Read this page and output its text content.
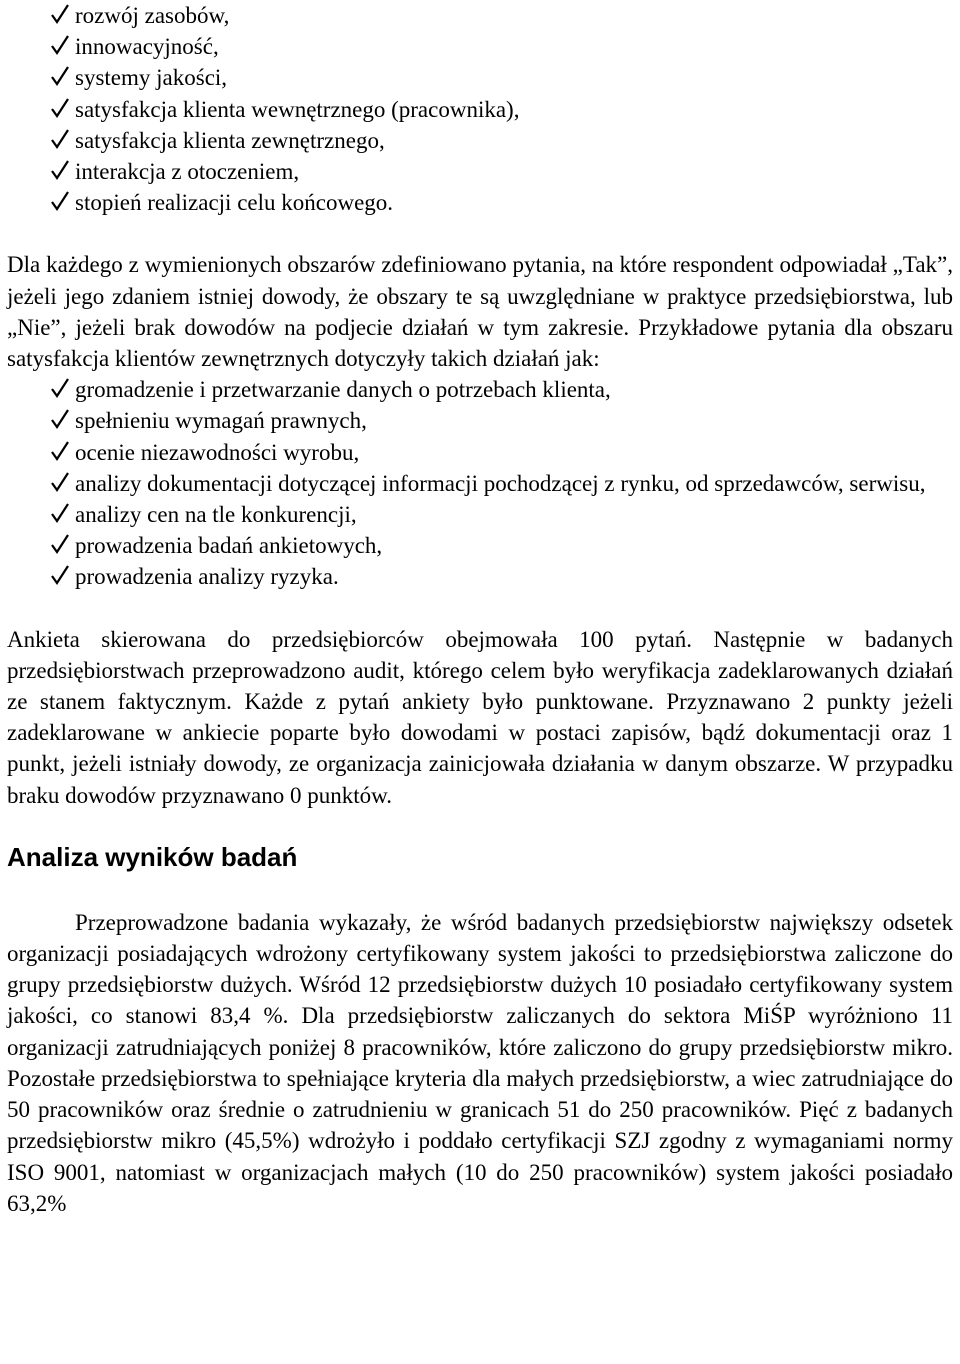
rozwój zasobów,
innowacyjność,
systemy jakości,
satysfakcja klienta wewnętrznego (pracownika),
satysfakcja klienta zewnętrznego,
interakcja z otoczeniem,
stopień realizacji celu końcowego.

Dla każdego z wymienionych obszarów zdefiniowano pytania, na które respondent odpowiadał „Tak”, jeżeli jego zdaniem istniej dowody, że obszary te są uwzględniane w praktyce przedsiębiorstwa, lub „Nie”, jeżeli brak dowodów na podjecie działań w tym zakresie. Przykładowe pytania dla obszaru satysfakcja klientów zewnętrznych dotyczyły takich działań jak:

gromadzenie i przetwarzanie danych o potrzebach klienta,
spełnieniu wymagań prawnych,
ocenie niezawodności wyrobu,
analizy dokumentacji dotyczącej informacji pochodzącej z rynku, od sprzedawców, serwisu,
analizy cen na tle konkurencji,
prowadzenia badań ankietowych,
prowadzenia analizy ryzyka.

Ankieta skierowana do przedsiębiorców obejmowała 100 pytań. Następnie w badanych przedsiębiorstwach przeprowadzono audit, którego celem było weryfikacja zadeklarowanych działań ze stanem faktycznym. Każde z pytań ankiety było punktowane. Przyznawano 2 punkty jeżeli zadeklarowane w ankiecie poparte było dowodami w postaci zapisów, bądź dokumentacji oraz 1 punkt, jeżeli istniały dowody, ze organizacja zainicjowała działania w danym obszarze. W przypadku braku dowodów przyznawano 0 punktów.

Analiza wyników badań

Przeprowadzone badania wykazały, że wśród badanych przedsiębiorstw największy odsetek organizacji posiadających wdrożony certyfikowany system jakości to przedsiębiorstwa zaliczone do grupy przedsiębiorstw dużych. Wśród 12 przedsiębiorstw dużych 10 posiadało certyfikowany system jakości, co stanowi 83,4 %. Dla przedsiębiorstw zaliczanych do sektora MiŚP wyróżniono 11 organizacji zatrudniających poniżej 8 pracowników, które zaliczono do grupy przedsiębiorstw mikro. Pozostałe przedsiębiorstwa to spełniające kryteria dla małych przedsiębiorstw, a wiec zatrudniające do 50 pracowników oraz średnie o zatrudnieniu w granicach 51 do 250 pracowników. Pięć z badanych przedsiębiorstw mikro (45,5%) wdrożyło i poddało certyfikacji SZJ zgodny z wymaganiami normy ISO 9001, natomiast w organizacjach małych (10 do 250 pracowników) system jakości posiadało 63,2%
